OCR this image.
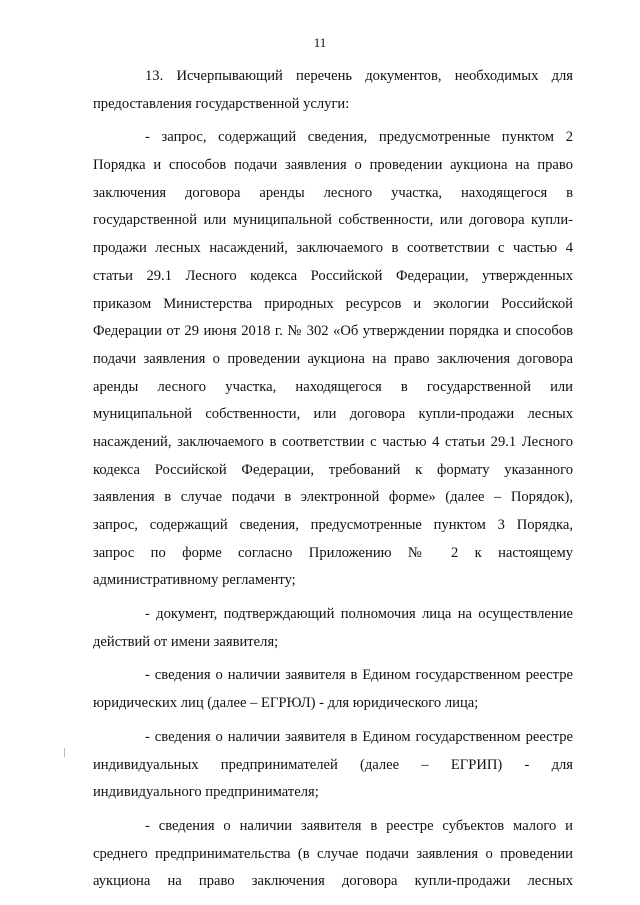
11
13. Исчерпывающий перечень документов, необходимых для
предоставления государственной услуги:
- запрос, содержащий сведения, предусмотренные пунктом 2
Порядка и способов подачи заявления о проведении аукциона на право
заключения договора аренды лесного участка, находящегося в
государственной или муниципальной собственности, или договора купли-
продажи лесных насаждений, заключаемого в соответствии с частью 4
статьи 29.1 Лесного кодекса Российской Федерации, утвержденных
приказом Министерства природных ресурсов и экологии Российской
Федерации от 29 июня 2018 г. № 302 «Об утверждении порядка и способов
подачи заявления о проведении аукциона на право заключения договора
аренды лесного участка, находящегося в государственной или
муниципальной собственности, или договора купли-продажи лесных
насаждений, заключаемого в соответствии с частью 4 статьи 29.1 Лесного
кодекса Российской Федерации, требований к формату указанного
заявления в случае подачи в электронной форме» (далее – Порядок),
запрос, содержащий сведения, предусмотренные пунктом 3 Порядка,
запрос по форме согласно Приложению № 2 к настоящему
административному регламенту;
- документ, подтверждающий полномочия лица на осуществление
действий от имени заявителя;
- сведения о наличии заявителя в Едином государственном реестре
юридических лиц (далее – ЕГРЮЛ) - для юридического лица;
- сведения о наличии заявителя в Едином государственном реестре
индивидуальных предпринимателей (далее – ЕГРИП) - для
индивидуального предпринимателя;
- сведения о наличии заявителя в реестре субъектов малого и
среднего предпринимательства (в случае подачи заявления о проведении
аукциона на право заключения договора купли-продажи лесных
